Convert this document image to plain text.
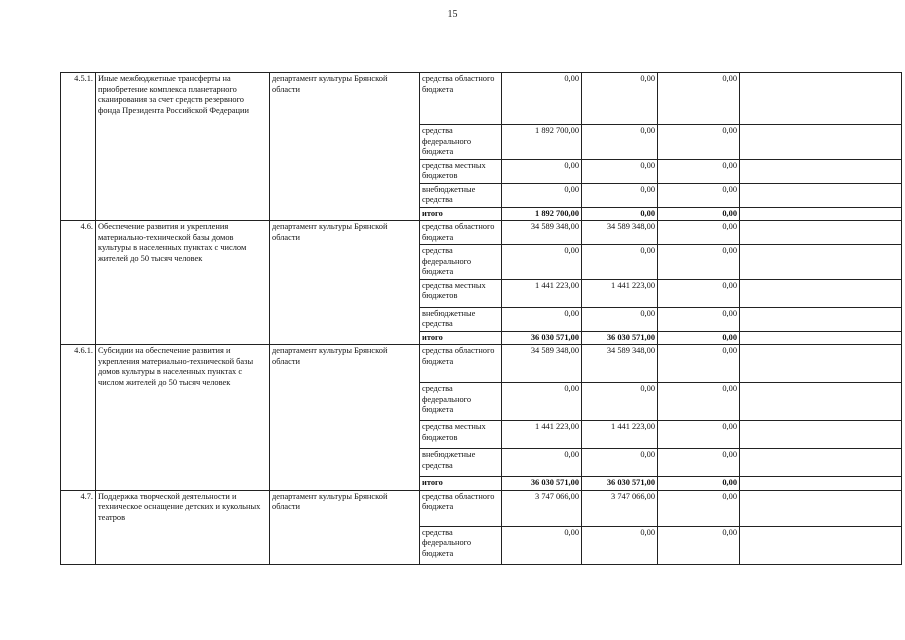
15
4.5.1.	Иные межбюджетные трансферты на приобретение комплекса планетарного сканирования за счет средств резервного фонда Президента Российской Федерации	департамент культуры Брянской области	средства областного бюджета	0,00	0,00	0,00	
			средства федерального бюджета	1 892 700,00	0,00	0,00	
			средства местных бюджетов	0,00	0,00	0,00	
			внебюджетные средства	0,00	0,00	0,00	
			итого	1 892 700,00	0,00	0,00	
4.6.	Обеспечение развития и укрепления материально-технической базы домов культуры в населенных пунктах с числом жителей до 50 тысяч человек	департамент культуры Брянской области	средства областного бюджета	34 589 348,00	34 589 348,00	0,00	
			средства федерального бюджета	0,00	0,00	0,00	
			средства местных бюджетов	1 441 223,00	1 441 223,00	0,00	
			внебюджетные средства	0,00	0,00	0,00	
			итого	36 030 571,00	36 030 571,00	0,00	
4.6.1.	Субсидии на обеспечение развития и укрепления материально-технической базы домов культуры в населенных пунктах с числом жителей до 50 тысяч человек	департамент культуры Брянской области	средства областного бюджета	34 589 348,00	34 589 348,00	0,00	
			средства федерального бюджета	0,00	0,00	0,00	
			средства местных бюджетов	1 441 223,00	1 441 223,00	0,00	
			внебюджетные средства	0,00	0,00	0,00	
			итого	36 030 571,00	36 030 571,00	0,00	
4.7.	Поддержка творческой деятельности и техническое оснащение детских и кукольных театров	департамент культуры Брянской области	средства областного бюджета	3 747 066,00	3 747 066,00	0,00	
			средства федерального бюджета	0,00	0,00	0,00	
